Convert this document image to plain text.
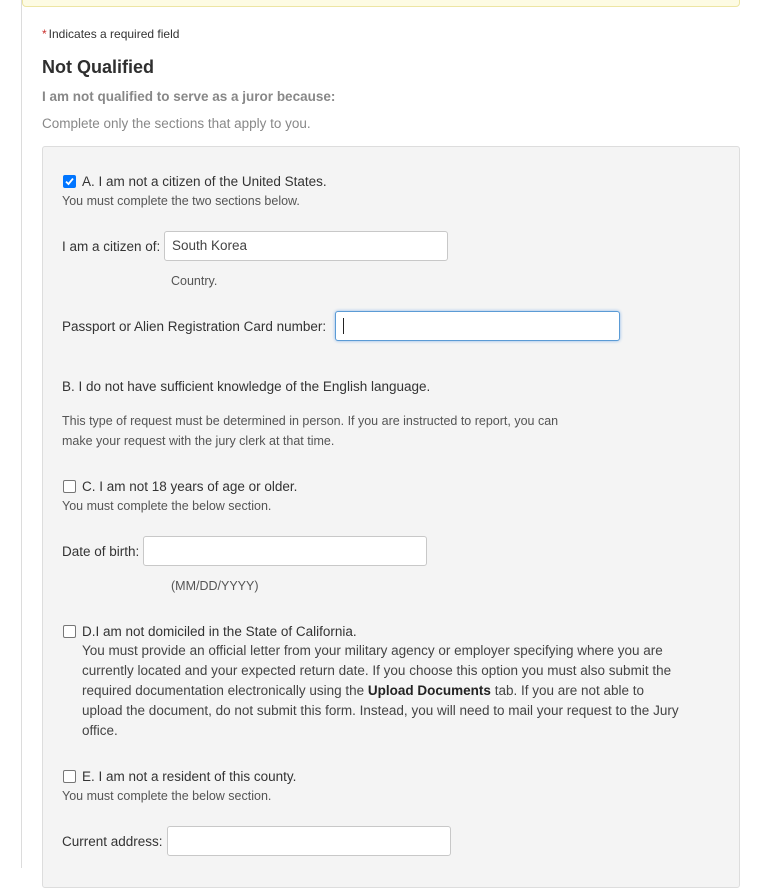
* Indicates a required field
Not Qualified
I am not qualified to serve as a juror because:
Complete only the sections that apply to you.
A. I am not a citizen of the United States.
You must complete the two sections below.
I am a citizen of: South Korea
Country.
Passport or Alien Registration Card number:
B. I do not have sufficient knowledge of the English language.
This type of request must be determined in person. If you are instructed to report, you can
make your request with the jury clerk at that time.
C. I am not 18 years of age or older.
You must complete the below section.
Date of birth:
(MM/DD/YYYY)
D.I am not domiciled in the State of California.
You must provide an official letter from your military agency or employer specifying where you are
currently located and your expected return date. If you choose this option you must also submit the
required documentation electronically using the Upload Documents tab. If you are not able to
upload the document, do not submit this form. Instead, you will need to mail your request to the Jury
office.
E. I am not a resident of this county.
You must complete the below section.
Current address:
